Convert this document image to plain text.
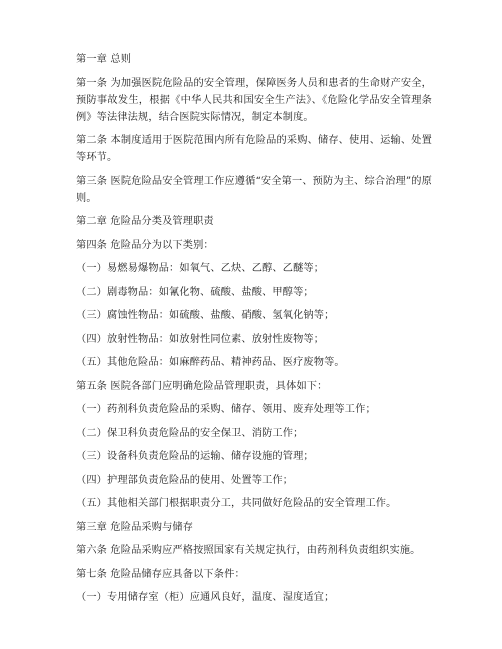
第一章 总则
第一条 为加强医院危险品的安全管理，保障医务人员和患者的生命财产安全，预防事故发生，根据《中华人民共和国安全生产法》、《危险化学品安全管理条例》等法律法规，结合医院实际情况，制定本制度。
第二条 本制度适用于医院范围内所有危险品的采购、储存、使用、运输、处置等环节。
第三条 医院危险品安全管理工作应遵循“安全第一、预防为主、综合治理”的原则。
第二章 危险品分类及管理职责
第四条 危险品分为以下类别：
（一）易燃易爆物品：如氧气、乙炔、乙醇、乙醚等；
（二）剧毒物品：如氰化物、硫酸、盐酸、甲醇等；
（三）腐蚀性物品：如硫酸、盐酸、硝酸、氢氧化钠等；
（四）放射性物品：如放射性同位素、放射性废物等；
（五）其他危险品：如麻醉药品、精神药品、医疗废物等。
第五条 医院各部门应明确危险品管理职责，具体如下：
（一）药剂科负责危险品的采购、储存、领用、废弃处理等工作；
（二）保卫科负责危险品的安全保卫、消防工作；
（三）设备科负责危险品的运输、储存设施的管理；
（四）护理部负责危险品的使用、处置等工作；
（五）其他相关部门根据职责分工，共同做好危险品的安全管理工作。
第三章 危险品采购与储存
第六条 危险品采购应严格按照国家有关规定执行，由药剂科负责组织实施。
第七条 危险品储存应具备以下条件：
（一）专用储存室（柜）应通风良好，温度、湿度适宜；
